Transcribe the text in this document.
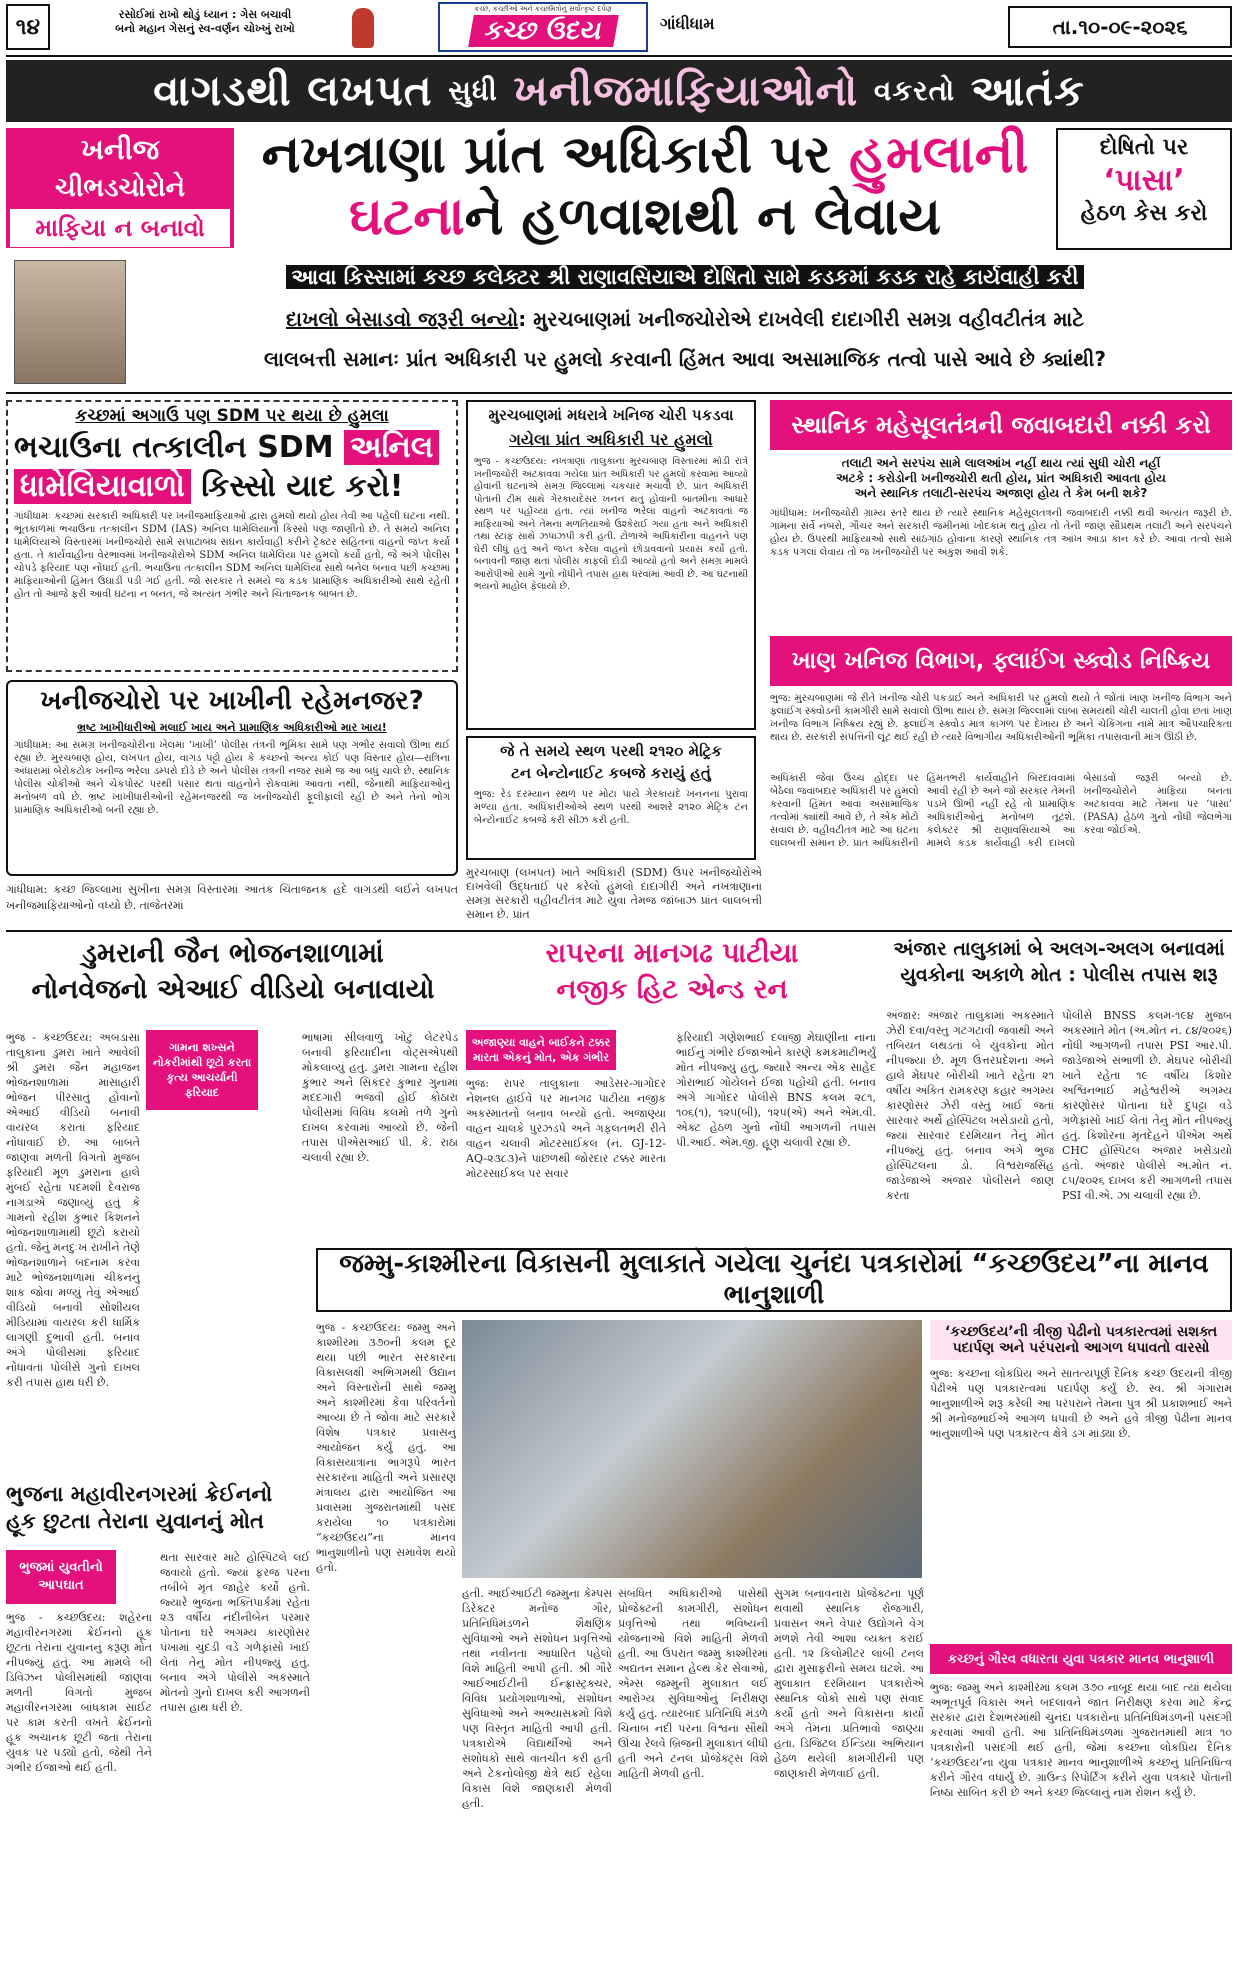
૧૪	રસોઈમાં રાખો થોડું ધ્યાન : ગેસ બચાવી
બનો મહાન ગેસનું સ્વ-વર્ણન ચોખ્ખું રાખો
કચ્છ, કચ્છીઓ અને કચ્છમિત્રોનું સર્વોત્કૃષ્ટ દર્પણ
કચ્છ ઉદય	ગાંધીધામ	તા.૧૦-૦૯-૨૦૨૬
વાગડથી લખપત
સુધી
ખનીજમાફિયાઓનો
વકરતો
આતંક
ખનીજ
ચીભડચોરોને
માફિયા ન બનાવો
નખત્રાણા પ્રાંત અધિકારી પર હુમલાની
ઘટનાને હળવાશથી ન લેવાય
દોષિતો પર
‘પાસા’
હેઠળ કેસ કરો
આવા કિસ્સામાં કચ્છ કલેક્ટર શ્રી રાણાવસિયાએ દોષિતો સામે કડકમાં કડક રાહે કાર્યવાહી કરી
દાખલો બેસાડવો જરૂરી બન્યો: મુરચબાણમાં ખનીજચોરોએ દાખવેલી દાદાગીરી સમગ્ર વહીવટીતંત્ર માટે
લાલબત્તી સમાનઃ પ્રાંત અધિકારી પર હુમલો કરવાની હિંમત આવા અસામાજિક તત્વો પાસે આવે છે ક્યાંથી?
કચ્છમાં અગાઉ પણ SDM પર થયા છે હુમલા
ભચાઉના તત્કાલીન SDM અનિલ
ધામેલિયાવાળો કિસ્સો યાદ કરો!
ગાંધીધામઃ કચ્છમાં સરકારી અધિકારી પર ખનીજમાફિયાઓ દ્વારા હુમલો થયો હોય તેવી આ પહેલી ઘટના નથી. ભૂતકાળમાં ભચાઉના તત્કાલીન SDM (IAS) અનિલ ધામેલિયાનો કિસ્સો પણ જાણીતો છે. તે સમયે અનિલ ધામેલિયાએ વિસ્તારમાં ખનીજચોરો સામે સપાટાબંધ સઘન કાર્યવાહી કરીને ટ્રેક્ટર સહિતનાં વાહનો જપ્ત કર્યા હતા. તે કાર્યવાહીના વેરભાવમાં ખનીજચોરોએ SDM અનિલ ધામેલિયા પર હુમલો કર્યો હતો, જે અંગે પોલીસ ચોપડે ફરિયાદ પણ નોંધાઈ હતી. ભચાઉના તત્કાલીન SDM અનિલ ધામેલિયા સાથે બનેલ બનાવ પછી કચ્છમાં માફિયાઓની હિંમત ઉઘાડી પડી ગઈ હતી. જો સરકાર તે સમયે જ કડક પ્રામાણિક અધિકારીઓ સાથે રહેતી હોત તો આજે ફરી આવી ઘટના ન બનત, જે અત્યંત ગંભીર અને ચિંતાજનક બાબત છે.
ખનીજચોરો પર ખાખીની રહેમનજર?
ભ્રષ્ટ ખાખીધારીઓ મલાઈ ખાય અને પ્રામાણિક અધિકારીઓ માર ખાય!
ગાંધીધામ: આ સમગ્ર ખનીજચોરીના ખેલમાં ‘ખાખી’ પોલીસ તંત્રની ભૂમિકા સામે પણ ગંભીર સવાલો ઊભા થઈ રહ્યા છે. મુરચબાણ હોય, લખપત હોય, વાગડ પટ્ટો હોય કે કચ્છનો અન્ય કોઈ પણ વિસ્તાર હોય—રાત્રિના અંધારામાં બેરોકટોક ખનીજ ભરેલા ડમ્પરો દોડે છે અને પોલીસ તંત્રની નજર સામે જ આ બધું ચાલે છે. સ્થાનિક પોલીસ ચોકીઓ અને ચેકપોસ્ટ પરથી પસાર થતાં વાહનોને રોકવામાં આવતાં નથી, જેનાથી માફિયાઓનું મનોબળ વધે છે. ભ્રષ્ટ ખાખીધારીઓની રહેમનજરથી જ ખનીજચોરી ફૂલીફાલી રહી છે અને તેનો ભોગ પ્રામાણિક અધિકારીઓ બની રહ્યા છે.
ગાંધીધામ: કચ્છ જિલ્લામાં સુખીના સમગ્ર વિસ્તારમાં આતંક ચિંતાજનક હદે વાગડથી લઈને લખપત ખનીજમાફિયાઓનો વધ્યો છે. તાજેતરમાં
મુરચબાણમાં મધરાત્રે ખનિજ ચોરી પકડવા
ગયેલા પ્રાંત અધિકારી પર હુમલો
ભુજ - કચ્છઉદય: નખત્રાણા તાલુકાના મુરચબાણ વિસ્તારમાં મોડી રાત્રે ખનીજચોરી અટકાવવા ગયેલા પ્રાંત અધિકારી પર હુમલો કરવામાં આવ્યો હોવાની ઘટનાએ સમગ્ર જિલ્લામાં ચકચાર મચાવી છે. પ્રાંત અધિકારી પોતાની ટીમ સાથે ગેરકાયદેસર ખનન થતું હોવાની બાતમીના આધારે સ્થળ પર પહોંચ્યા હતા. ત્યાં ખનીજ ભરેલા વાહનો અટકાવતાં જ માફિયાઓ અને તેમના મળતિયાઓ ઉશ્કેરાઈ ગયા હતા અને અધિકારી તથા સ્ટાફ સાથે ઝપાઝપી કરી હતી. ટોળાએ અધિકારીના વાહનને પણ ઘેરી લીધું હતું અને જપ્ત કરેલા વાહનો છોડાવવાનો પ્રયાસ કર્યો હતો. બનાવની જાણ થતાં પોલીસ કાફલો દોડી આવ્યો હતો અને સમગ્ર મામલે આરોપીઓ સામે ગુનો નોંધીને તપાસ હાથ ધરવામાં આવી છે. આ ઘટનાથી ભયનો માહોલ ફેલાયો છે.
જે તે સમયે સ્થળ પરથી ૨૧૨૦ મેટ્રિક
ટન બેન્ટોનાઈટ કબજે કરાયું હતું
ભુજ: રેડ દરમ્યાન સ્થળ પર મોટા પાયે ગેરકાયદે ખનનના પુરાવા મળ્યા હતા. અધિકારીઓએ સ્થળ પરથી આશરે ૨૧૨૦ મેટ્રિક ટન બેન્ટોનાઈટ કબજે કરી સીઝ કરી હતી.
મુરચબાણ (લખપત) ખાતે અધિકારી (SDM) ઉપર ખનીજચોરોએ દાખવેલી ઉદ્ધતાઈ પર કરેલો હુમલો દાદાગીરી અને નખત્રાણાના સમગ્ર સરકારી વહીવટીતંત્ર માટે યુવા તેમજ જાંબાઝ પ્રાંત લાલબત્તી સમાન છે. પ્રાંત
સ્થાનિક મહેસૂલતંત્રની જવાબદારી નક્કી કરો
તલાટી અને સરપંચ સામે લાલઆંખ નહીં થાય ત્યાં સુધી ચોરી નહીં
અટકે : કરોડોની ખનીજચોરી થતી હોય, પ્રાંત અધિકારી આવતા હોય
અને સ્થાનિક તલાટી-સરપંચ અજાણ હોય તે કેમ બની શકે?
ગાંધીધામ: ખનીજચોરી ગ્રામ્ય સ્તરે થાય છે ત્યારે સ્થાનિક મહેસૂલતંત્રની જવાબદારી નક્કી થવી અત્યંત જરૂરી છે. ગામના સર્વે નંબરો, ગૌચર અને સરકારી જમીનમાં ખોદકામ થતું હોય તો તેની જાણ સૌપ્રથમ તલાટી અને સરપંચને હોય છે. ઉપરથી માફિયાઓ સાથે સાંઠગાંઠ હોવાના કારણે સ્થાનિક તંત્ર આંખ આડા કાન કરે છે. આવા તત્વો સામે કડક પગલાં લેવાય તો જ ખનીજચોરી પર અંકુશ આવી શકે.
ખાણ ખનિજ વિભાગ, ફ્લાઈંગ સ્ક્વોડ નિષ્ક્રિય
ભુજ: મુરચબાણમાં જે રીતે ખનીજ ચોરી પકડાઈ અને અધિકારી પર હુમલો થયો તે જોતાં ખાણ ખનીજ વિભાગ અને ફ્લાઈંગ સ્ક્વોડની કામગીરી સામે સવાલો ઊભા થાય છે. સમગ્ર જિલ્લામાં લાંબા સમયથી ચોરી ચાલતી હોવા છતાં ખાણ ખનીજ વિભાગ નિષ્ક્રિય રહ્યું છે. ફ્લાઈંગ સ્ક્વોડ માત્ર કાગળ પર દેખાય છે અને ચેકિંગના નામે માત્ર ઔપચારિકતા થાય છે. સરકારી સંપત્તિની લૂંટ થઈ રહી છે ત્યારે વિભાગીય અધિકારીઓની ભૂમિકા તપાસવાની માંગ ઊઠી છે.
અધિકારી જેવા ઉચ્ચ હોદ્દા પર બેઠેલા જવાબદાર અધિકારી પર હુમલો કરવાની હિંમત આવા અસામાજિક તત્વોમાં ક્યાંથી આવે છે, તે એક મોટો સવાલ છે. વહીવટીતંત્ર માટે આ ઘટના લાલબત્તી સમાન છે. પ્રાંત અધિકારીની હિંમતભરી કાર્યવાહીને બિરદાવવામાં આવી રહી છે અને જો સરકાર તેમની પડખે ઊભી નહીં રહે તો પ્રામાણિક અધિકારીઓનું મનોબળ તૂટશે. કલેક્ટર શ્રી રાણાવસિયાએ આ મામલે કડક કાર્યવાહી કરી દાખલો બેસાડવો જરૂરી બન્યો છે. ખનીજચોરોને માફિયા બનતા અટકાવવા માટે તેમના પર ‘પાસા’ (PASA) હેઠળ ગુનો નોંધી જેલભેગા કરવા જોઈએ.
ડુમરાની જૈન ભોજનશાળામાં
નોનવેજનો એઆઈ વીડિયો બનાવાયો
ગામના શખ્સને નોકરીમાંથી છૂટો કરતા કૃત્ય આચર્યાની ફરિયાદ
ભુજ - કચ્છઉદય: અબડાસા તાલુકાના ડુમરા ખાતે આવેલી શ્રી ડુમરા જૈન મહાજન ભોજનશાળામાં માંસાહારી ભોજન પીરસાતું હોવાનો એઆઈ વીડિયો બનાવી વાયરલ કરાતાં ફરિયાદ નોંધાવાઈ છે. આ બાબતે જાણવા મળતી વિગતો મુજબ ફરિયાદી મૂળ ડુમરાના હાલે મુંબઈ રહેતા પદમશી દેવરાજ નાગડાએ જણાવ્યું હતું કે ગામનો રહીશ કુંભાર કિશનને ભોજનશાળામાંથી છૂટો કરાયો હતો. જેનું મનદુઃખ રાખીને તેણે ભોજનશાળાને બદનામ કરવા માટે ભોજનશાળામાં ચીકનનું શાક જોવા મળ્યું તેવું એઆઈ વીડિયો બનાવી સોશીયલ મીડિયામાં વાયરલ કરી ધાર્મિક લાગણી દુભાવી હતી. બનાવ અંગે પોલીસમાં ફરિયાદ નોંધાવતાં પોલીસે ગુનો દાખલ કરી તપાસ હાથ ધરી છે.
ભાષામાં સીલવાળું ખોટું લેટરપેડ બનાવી ફરિયાદીના વોટ્સએપથી મોકલાવ્યું હતું. ડુમરા ગામના રહીશ કુંભાર અને સિકંદર કુંભાર ગુનામાં મદદગારી ભજવી હોઈ કોઠારા પોલીસમાં વિવિધ કલમો તળે ગુનો દાખલ કરવામાં આવ્યો છે. જેની તપાસ પીએસઆઈ પી. કે. રાઠા ચલાવી રહ્યા છે.
રાપરના માનગઢ પાટીયા
નજીક હિટ એન્ડ રન
અજાણ્યા વાહને બાઈકને ટક્કર મારતા એકનું મોત, એક ગંભીર
ભુજ: રાપર તાલુકાના આડેસર-ગાગોદર નેશનલ હાઈવે પર માનગઢ પાટીયા નજીક અકસ્માતનો બનાવ બન્યો હતો. અજાણ્યા વાહન ચાલકે પુરઝડપે અને ગફલતભરી રીતે વાહન ચલાવી મોટરસાઈકલ (નં. GJ-12-AQ-૨૩૮૩)ને પાછળથી જોરદાર ટક્કર મારતા મોટરસાઈકલ પર સવાર
ફરિયાદી ગણેશભાઈ દલાજી મેઘાણીના નાના ભાઈનું ગંભીર ઈજાઓને કારણે કમકમાટીભર્યું મોત નીપજ્યું હતું, જ્યારે અન્ય એક સાહેદ ગોરાભાઈ ગોયેલને ઈજા પહોંચી હતી. બનાવ અંગે ગાગોદર પોલીસે BNS કલમ ૨૮૧, ૧૦૬(૧), ૧૨૫(બી), ૧૨૫(એ) અને એમ.વી. એક્ટ હેઠળ ગુનો નોંધી આગળની તપાસ પી.આઈ. એમ.જી. હૂણ ચલાવી રહ્યા છે.
અંજાર તાલુકામાં બે અલગ-અલગ બનાવમાં
યુવકોના અકાળે મોત : પોલીસ તપાસ શરૂ
અંજાર: અંજાર તાલુકામાં અકસ્માતે ઝેરી દવા/વસ્તુ ગટગટાવી જવાથી અને તબિયત લથડતાં બે યુવકોના મોત નીપજ્યા છે. મૂળ ઉત્તરપ્રદેશના અને હાલે મેઘપર બોરીચી ખાતે રહેતા ૨૧ વર્ષીય અંકિત રામકરણ કહાર અગમ્ય કારણોસર ઝેરી વસ્તુ ખાઈ જતાં સારવાર અર્થે હોસ્પિટલ ખસેડાયો હતો, જ્યાં સારવાર દરમિયાન તેનું મોત નીપજ્યું હતું. બનાવ અંગે ભુજ હોસ્પિટલના ડો. વિશ્વરાજસિંહ જાડેજાએ અંજાર પોલીસને જાણ કરતા
પોલીસે BNSS કલમ-૧૯૪ મુજબ અકસ્માતે મોત (અ.મોત નં. ૮૪/૨૦૨૬) નોંધી આગળની તપાસ PSI આર.પી. જાડેજાએ સંભાળી છે. મેઘપર બોરીચી ખાતે રહેતા ૧૯ વર્ષીય કિશોર અશ્વિનભાઈ મહેશ્વરીએ અગમ્ય કારણોસર પોતાના ઘરે દુપટ્ટા વડે ગળેફાંસો ખાઈ લેતાં તેનું મોત નીપજ્યું હતું. કિશોરના મૃતદેહને પીએમ અર્થે CHC હોસ્પિટલ અંજાર ખસેડાયો હતો. અંજાર પોલીસે અ.મોત નં. ૮૫/૨૦૨૬ દાખલ કરી આગળની તપાસ PSI વી.એ. ઝા ચલાવી રહ્યા છે.
જમ્મુ-કાશ્મીરના વિકાસની મુલાકાતે ગયેલા ચુનંદા પત્રકારોમાં “કચ્છઉદય”ના માનવ ભાનુશાળી
ભુજ - કચ્છઉદય: જમ્મુ અને કાશ્મીરમાં ૩૭૦ની કલમ દૂર થયા પછી ભારત સરકારના વિકાસલક્ષી અભિગમથી ઉદ્યાન અને વિસ્તારોની સાથે જમ્મુ અને કાશ્મીરમાં કેવા પરિવર્તનો આવ્યા છે તે જોવા માટે સરકારે વિશેષ પત્રકાર પ્રવાસનું આયોજન કર્યું હતું. આ વિકાસયાત્રાના ભાગરૂપે ભારત સરકારના માહિતી અને પ્રસારણ મંત્રાલય દ્વારા આયોજિત આ પ્રવાસમાં ગુજરાતમાંથી પસંદ કરાયેલા ૧૦ પત્રકારોમાં “કચ્છઉદય”ના માનવ ભાનુશાળીનો પણ સમાવેશ થયો હતો.
હતી. આઈઆઈટી જમ્મુના કેમ્પસ ડિરેક્ટર મનોજ ગૌર, પ્રતિનિધિમંડળને શૈક્ષણિક સુવિધાઓ અને સંશોધન પ્રવૃત્તિઓ તથા નવીનતા આધારિત પહેલો વિશે માહિતી આપી હતી. શ્રી ગૌરે આઈઆઈટીની ઈન્ફ્રાસ્ટ્રક્ચર, વિવિધ પ્રયોગશાળાઓ, સંશોધન સુવિધાઓ અને અભ્યાસક્રમો વિશે પણ વિસ્તૃત માહિતી આપી હતી. પત્રકારોએ વિદ્યાર્થીઓ અને સંશોધકો સાથે વાતચીત કરી હતી અને ટેકનોલોજી ક્ષેત્રે થઈ રહેલા વિકાસ વિશે જાણકારી મેળવી હતી.
સંબંધિત અધિકારીઓ પાસેથી પ્રોજેક્ટની કામગીરી, સંશોધન પ્રવૃત્તિઓ તથા ભવિષ્યની યોજનાઓ વિશે માહિતી મેળવી હતી. આ ઉપરાંત જમ્મુ કાશ્મીરમાં અદ્યતન સમાન હેલ્થ કેર સેવાઓ, એમ્સ જમ્મુની મુલાકાત લઈ આરોગ્ય સુવિધાઓનું નિરીક્ષણ કર્યું હતું. ત્યારબાદ પ્રતિનિધિ મંડળે ચિનાબ નદી પરના વિશ્વના સૌથી ઊંચા રેલવે બ્રિજની મુલાકાત લીધી હતી અને ટનલ પ્રોજેક્ટ્સ વિશે માહિતી મેળવી હતી.
સુગમ બનાવનારા પ્રોજેક્ટના પૂર્ણ થવાથી સ્થાનિક રોજગારી, પ્રવાસન અને વેપાર ઉદ્યોગને વેગ મળશે તેવી આશા વ્યક્ત કરાઈ હતી. ૧૨ કિલોમીટર લાંબી ટનલ દ્વારા મુસાફરીનો સમય ઘટશે. આ મુલાકાત દરમિયાન પત્રકારોએ સ્થાનિક લોકો સાથે પણ સંવાદ કર્યો હતો અને વિકાસના કાર્યો અંગે તેમના પ્રતિભાવો જાણ્યા હતા. ડિજિટલ ઈન્ડિયા અભિયાન હેઠળ થયેલી કામગીરીની પણ જાણકારી મેળવાઈ હતી.
‘કચ્છઉદય’ની ત્રીજી પેઢીનો પત્રકારત્વમાં સશક્ત પદાર્પણ અને પરંપરાનો આગળ ધપાવતો વારસો
ભુજ: કચ્છના લોકપ્રિય અને સાતત્યપૂર્ણ દૈનિક કચ્છ ઉદયની ત્રીજી પેઢીએ પણ પત્રકારત્વમાં પદાર્પણ કર્યું છે. સ્વ. શ્રી ગંગારામ ભાનુશાળીએ શરૂ કરેલી આ પરંપરાને તેમના પુત્ર શ્રી પ્રકાશભાઈ અને શ્રી મનોજભાઈએ આગળ ધપાવી છે અને હવે ત્રીજી પેઢીના માનવ ભાનુશાળીએ પણ પત્રકારત્વ ક્ષેત્રે ડગ માંડ્યા છે.
કચ્છનું ગૌરવ વધારતા યુવા પત્રકાર માનવ ભાનુશાળી
ભુજ: જમ્મુ અને કાશ્મીરમાં કલમ ૩૭૦ નાબૂદ થયા બાદ ત્યાં થયેલા અભૂતપૂર્વ વિકાસ અને બદલાવને જાત નિરીક્ષણ કરવા માટે કેન્દ્ર સરકાર દ્વારા દેશભરમાંથી ચુનંદા પત્રકારોના પ્રતિનિધિમંડળની પસંદગી કરવામાં આવી હતી. આ પ્રતિનિધિમંડળમાં ગુજરાતમાંથી માત્ર ૧૦ પત્રકારોની પસંદગી થઈ હતી, જેમાં કચ્છના લોકપ્રિય દૈનિક ‘કચ્છઉદય’ના યુવા પત્રકાર માનવ ભાનુશાળીએ કચ્છનું પ્રતિનિધિત્વ કરીને ગૌરવ વધાર્યું છે. ગ્રાઉન્ડ રિપોર્ટિંગ કરીને યુવા પત્રકારે પોતાની નિષ્ઠા સાબિત કરી છે અને કચ્છ જિલ્લાનું નામ રોશન કર્યું છે.
ભુજના મહાવીરનગરમાં ક્રેઈનનો
હૂક છુટતા તેરાના યુવાનનું મોત
ભુજમાં યુવતીનો આપઘાત
ભુજ - કચ્છઉદય: શહેરના મહાવીરનગરમાં ક્રેઈનનો હૂક છૂટતા તેરાના યુવાનનું કરૂણ મોત નીપજ્યું હતું. આ મામલે બી ડિવિઝન પોલીસમાંથી જાણવા મળતી વિગતો મુજબ મહાવીરનગરમાં બાંધકામ સાઈટ પર કામ કરતી વખતે ક્રેઈનનો હૂક અચાનક છૂટી જતાં તેરાના યુવક પર પડ્યો હતો, જેથી તેને ગંભીર ઈજાઓ થઈ હતી.
થતા સારવાર માટે હોસ્પિટલે લઈ જવાયો હતો. જ્યાં ફરજ પરના તબીબે મૃત જાહેર કર્યો હતો. જ્યારે ભુજના ભક્તિપાર્કમાં રહેતા ૨૩ વર્ષીય નંદીનીબેન પરમાર પોતાના ઘરે અગમ્ય કારણોસર પંખામાં ચુંદડી વડે ગળેફાંસો ખાઈ લેતાં તેનું મોત નીપજ્યું હતું. બનાવ અંગે પોલીસે અકસ્માતે મોતનો ગુનો દાખલ કરી આગળની તપાસ હાથ ધરી છે.
